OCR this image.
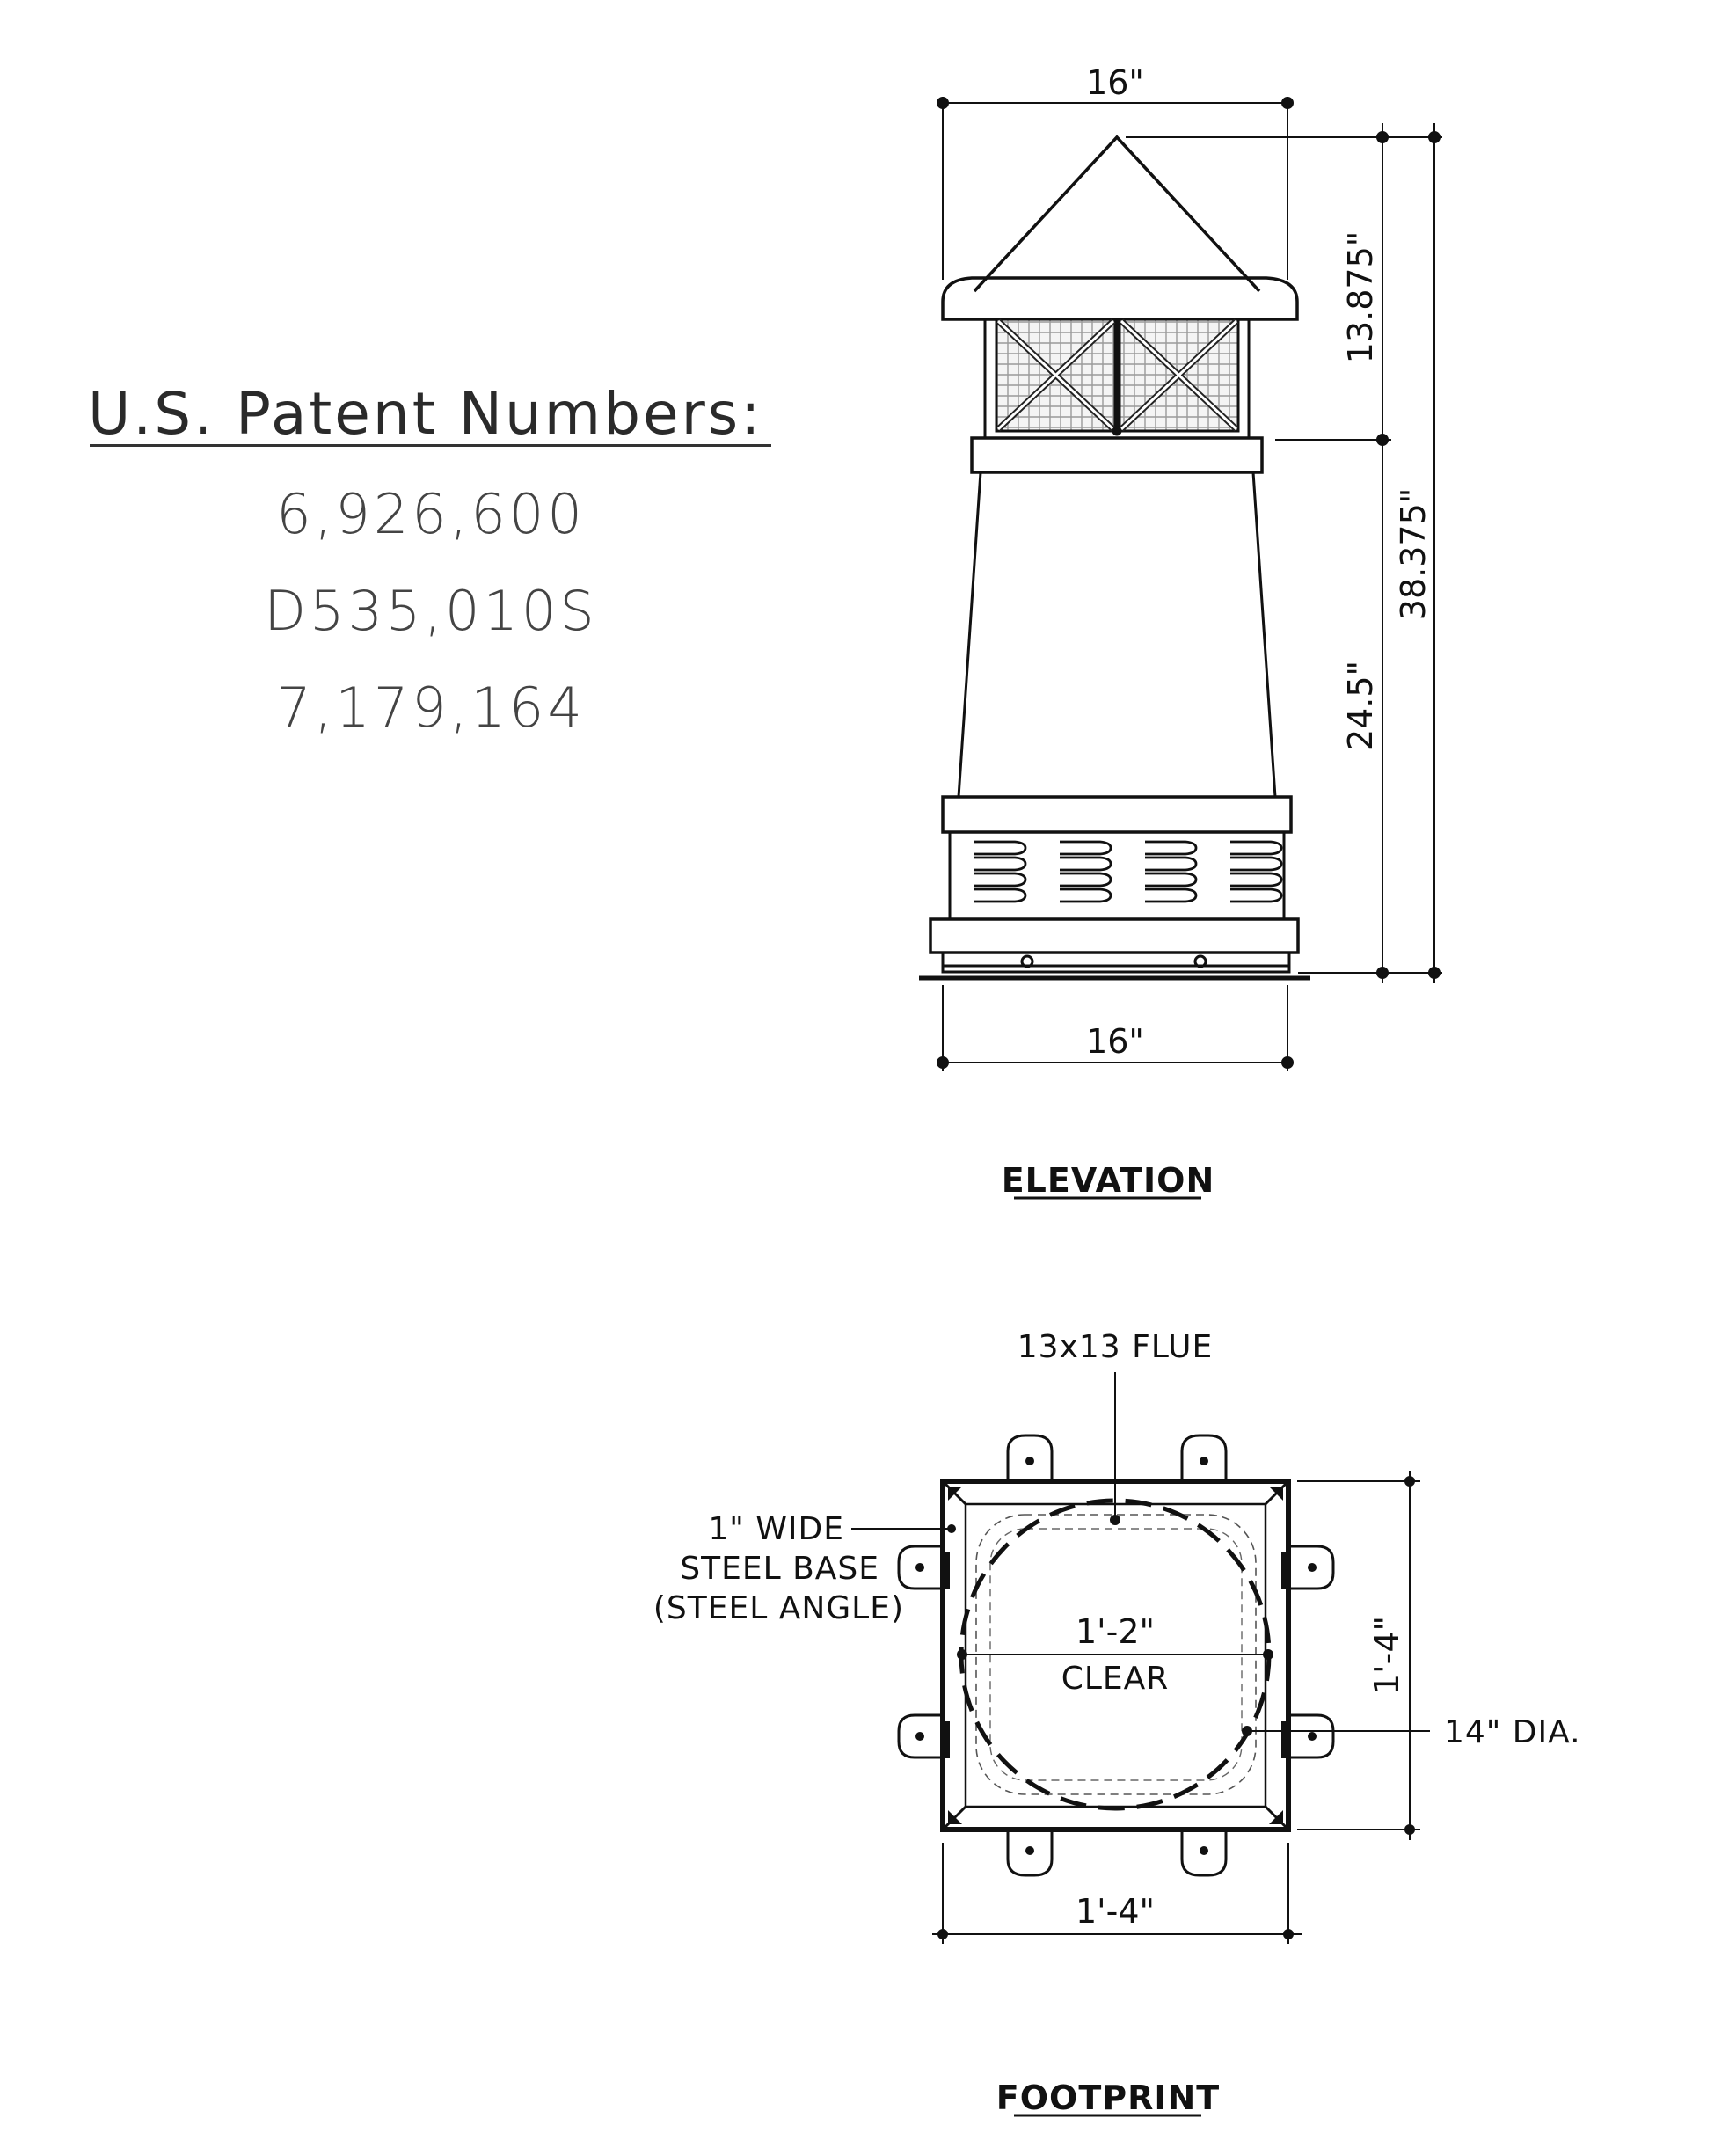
U.S. Patent Numbers:
6,926,600
D535,010S
7,179,164
16"
16"
13.875"
24.5"
38.375"
ELEVATION
13x13 FLUE
1" WIDE
STEEL BASE
(STEEL ANGLE)
1'-2"
CLEAR	1'-4"
14" DIA.
1'-4"
FOOTPRINT
